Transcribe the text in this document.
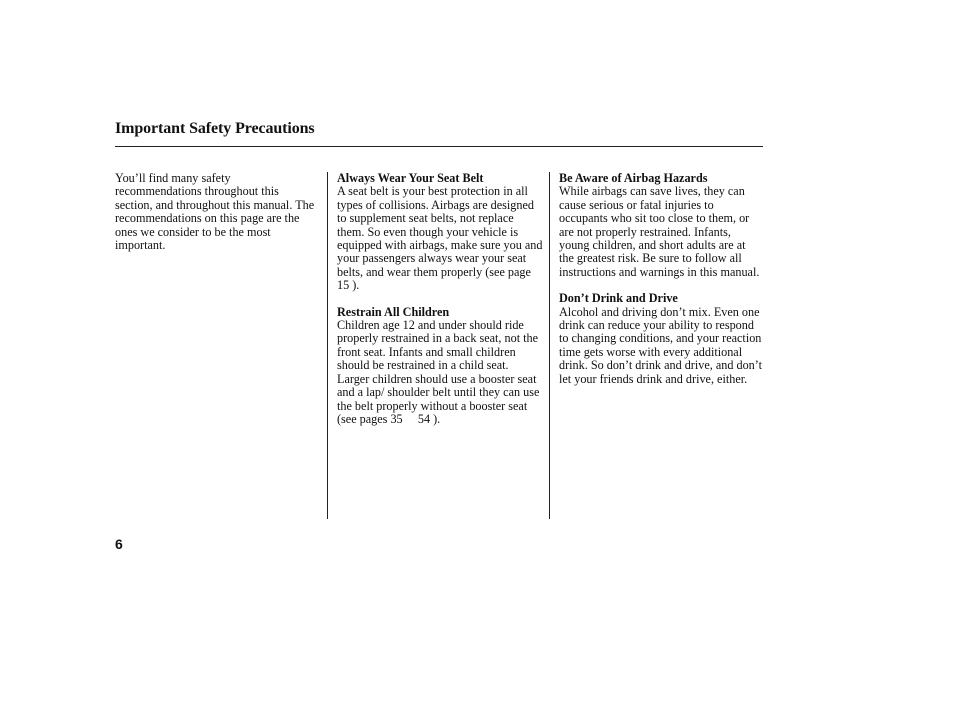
Important Safety Precautions
You’ll find many safety recommendations throughout this section, and throughout this manual. The recommendations on this page are the ones we consider to be the most important.
Always Wear Your Seat Belt
A seat belt is your best protection in all types of collisions. Airbags are designed to supplement seat belts, not replace them. So even though your vehicle is equipped with airbags, make sure you and your passengers always wear your seat belts, and wear them properly (see page 15 ).
Restrain All Children
Children age 12 and under should ride properly restrained in a back seat, not the front seat. Infants and small children should be restrained in a child seat. Larger children should use a booster seat and a lap/ shoulder belt until they can use the belt properly without a booster seat (see pages 35     54 ).
Be Aware of Airbag Hazards
While airbags can save lives, they can cause serious or fatal injuries to occupants who sit too close to them, or are not properly restrained. Infants, young children, and short adults are at the greatest risk. Be sure to follow all instructions and warnings in this manual.
Don’t Drink and Drive
Alcohol and driving don’t mix. Even one drink can reduce your ability to respond to changing conditions, and your reaction time gets worse with every additional drink. So don’t drink and drive, and don’t let your friends drink and drive, either.
6
